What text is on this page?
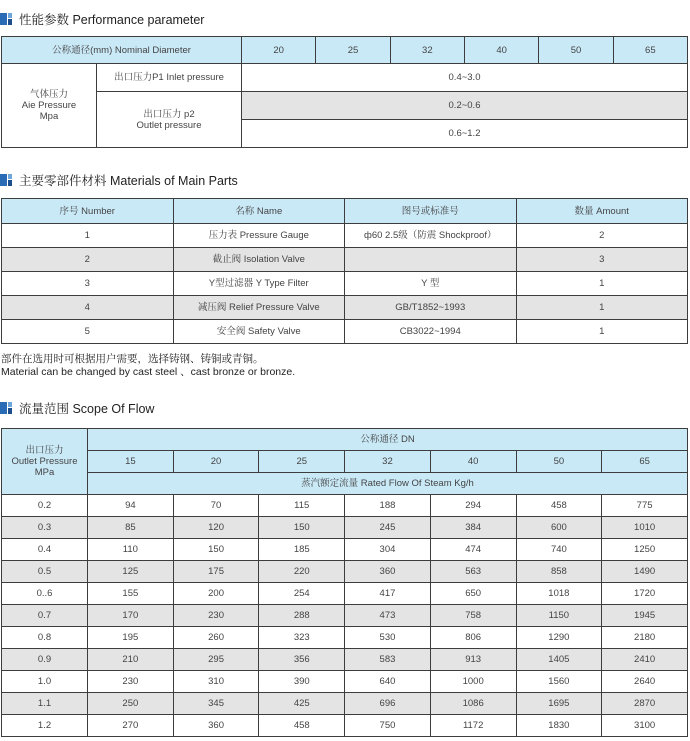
性能参数 Performance parameter
公称通径(mm) Nominal Diameter		20	25	32	40	50	65
气体压力
Aie Pressure
Mpa	出口压力P1 Inlet pressure	0.4~3.0					
	出口压力 p2
Outlet pressure	0.2~0.6					
		0.6~1.2					
主要零部件材料 Materials of Main Parts
序号 Number	名称 Name	图号或标准号	数量 Amount
1	压力表 Pressure Gauge	ф60 2.5级（防震 Shockproof）	2
2	截止阀 Isolation Valve		3
3	Y型过滤器 Y Type Filter	Y 型	1
4	减压阀 Relief Pressure Valve	GB/T1852~1993	1
5	安全阀 Safety Valve	CB3022~1994	1
部件在选用时可根据用户需要，选择铸钢、铸铜或青铜。
Material can be changed by cast steel 、cast bronze or bronze.
流量范围 Scope Of Flow
出口压力
Outlet Pressure
MPa	公称通径 DN						
	15	20	25	32	40	50	65
	蒸汽额定流量 Rated Flow Of Steam Kg/h						
0.2	94	70	115	188	294	458	775
0.3	85	120	150	245	384	600	1010
0.4	110	150	185	304	474	740	1250
0.5	125	175	220	360	563	858	1490
0..6	155	200	254	417	650	1018	1720
0.7	170	230	288	473	758	1150	1945
0.8	195	260	323	530	806	1290	2180
0.9	210	295	356	583	913	1405	2410
1.0	230	310	390	640	1000	1560	2640
1.1	250	345	425	696	1086	1695	2870
1.2	270	360	458	750	1172	1830	3100
